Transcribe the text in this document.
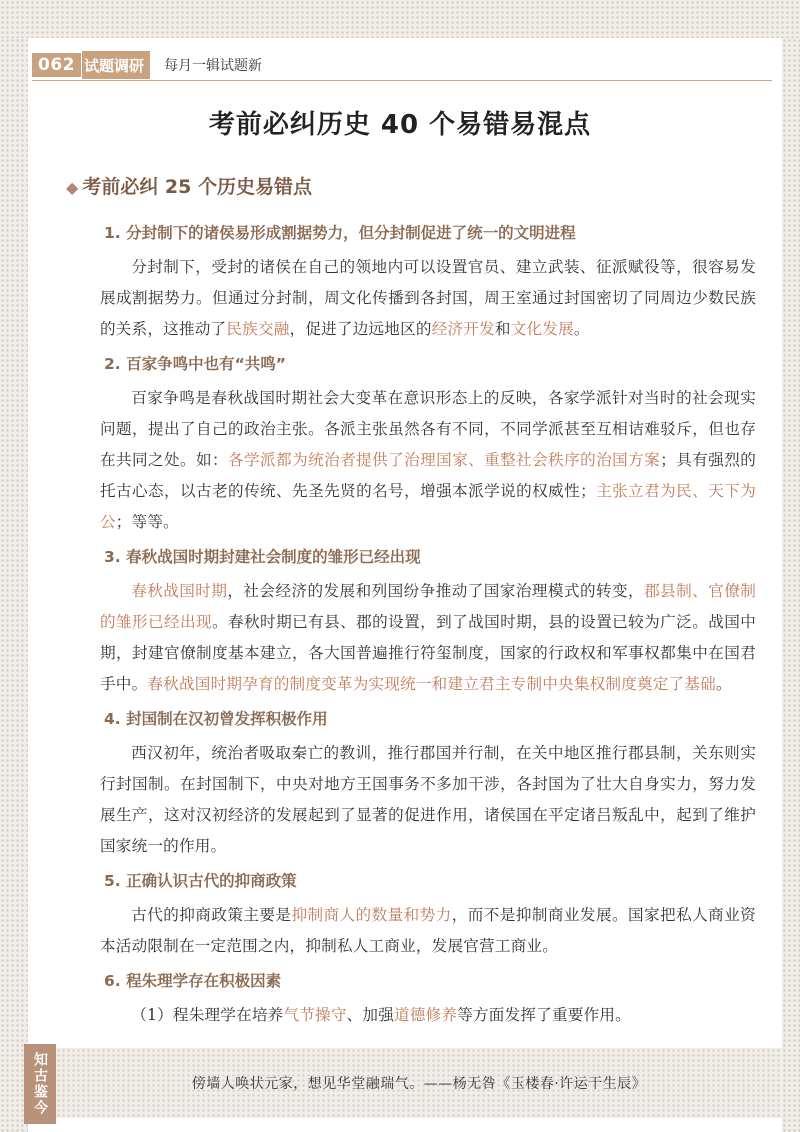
062 试题调研	每月一辑试题新
考前必纠历史 40 个易错易混点
◆ 考前必纠 25 个历史易错点
1. 分封制下的诸侯易形成割据势力，但分封制促进了统一的文明进程

分封制下，受封的诸侯在自己的领地内可以设置官员、建立武装、征派赋役等，很容易发展成割据势力。但通过分封制，周文化传播到各封国，周王室通过封国密切了同周边少数民族的关系，这推动了民族交融，促进了边远地区的经济开发和文化发展。

2. 百家争鸣中也有“共鸣”

百家争鸣是春秋战国时期社会大变革在意识形态上的反映，各家学派针对当时的社会现实问题，提出了自己的政治主张。各派主张虽然各有不同，不同学派甚至互相诘难驳斥，但也存在共同之处。如：各学派都为统治者提供了治理国家、重整社会秩序的治国方案；具有强烈的托古心态，以古老的传统、先圣先贤的名号，增强本派学说的权威性；主张立君为民、天下为公；等等。

3. 春秋战国时期封建社会制度的雏形已经出现

春秋战国时期，社会经济的发展和列国纷争推动了国家治理模式的转变，郡县制、官僚制的雏形已经出现。春秋时期已有县、郡的设置，到了战国时期，县的设置已较为广泛。战国中期，封建官僚制度基本建立，各大国普遍推行符玺制度，国家的行政权和军事权都集中在国君手中。春秋战国时期孕育的制度变革为实现统一和建立君主专制中央集权制度奠定了基础。

4. 封国制在汉初曾发挥积极作用

西汉初年，统治者吸取秦亡的教训，推行郡国并行制，在关中地区推行郡县制，关东则实行封国制。在封国制下，中央对地方王国事务不多加干涉，各封国为了壮大自身实力，努力发展生产，这对汉初经济的发展起到了显著的促进作用，诸侯国在平定诸吕叛乱中，起到了维护国家统一的作用。

5. 正确认识古代的抑商政策

古代的抑商政策主要是抑制商人的数量和势力，而不是抑制商业发展。国家把私人商业资本活动限制在一定范围之内，抑制私人工商业，发展官营工商业。

6. 程朱理学存在积极因素

（1）程朱理学在培养气节操守、加强道德修养等方面发挥了重要作用。

傍墙人唤状元家，想见华堂融瑞气。——杨无咎《玉楼春·许运干生辰》
知古鉴今
